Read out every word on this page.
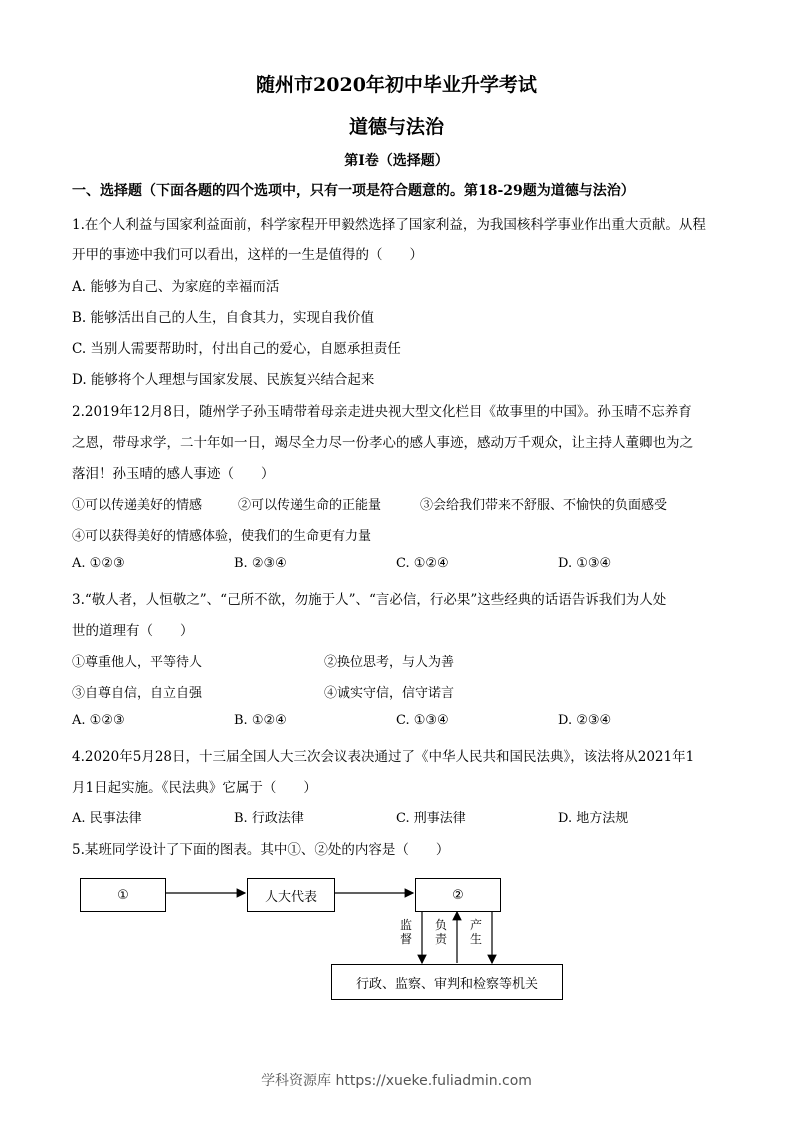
随州市2020年初中毕业升学考试
道德与法治
第Ⅰ卷（选择题）
一、选择题（下面各题的四个选项中，只有一项是符合题意的。第18-29题为道德与法治）
1.在个人利益与国家利益面前，科学家程开甲毅然选择了国家利益，为我国核科学事业作出重大贡献。从程
开甲的事迹中我们可以看出，这样的一生是值得的（　　）
A. 能够为自己、为家庭的幸福而活
B. 能够活出自己的人生，自食其力，实现自我价值
C. 当别人需要帮助时，付出自己的爱心，自愿承担责任
D. 能够将个人理想与国家发展、民族复兴结合起来
2.2019年12月8日，随州学子孙玉晴带着母亲走进央视大型文化栏目《故事里的中国》。孙玉晴不忘养育
之恩，带母求学，二十年如一日，竭尽全力尽一份孝心的感人事迹，感动万千观众，让主持人董卿也为之
落泪！孙玉晴的感人事迹（　　）
①可以传递美好的情感	②可以传递生命的正能量	③会给我们带来不舒服、不愉快的负面感受
④可以获得美好的情感体验，使我们的生命更有力量
A. ①②③	B. ②③④	C. ①②④	D. ①③④
3.“敬人者，人恒敬之”、“己所不欲，勿施于人”、“言必信，行必果”这些经典的话语告诉我们为人处
世的道理有（　　）
①尊重他人，平等待人	②换位思考，与人为善
③自尊自信，自立自强	④诚实守信，信守诺言
A. ①②③	B. ①②④	C. ①③④	D. ②③④
4.2020年5月28日，十三届全国人大三次会议表决通过了《中华人民共和国民法典》，该法将从2021年1
月1日起实施。《民法典》它属于（　　）
A. 民事法律	B. 行政法律	C. 刑事法律	D. 地方法规
5.某班同学设计了下面的图表。其中①、②处的内容是（　　）
①	人大代表	②
行政、监察、审判和检察等机关
监督
负责
产生
学科资源库 https://xueke.fuliadmin.com
